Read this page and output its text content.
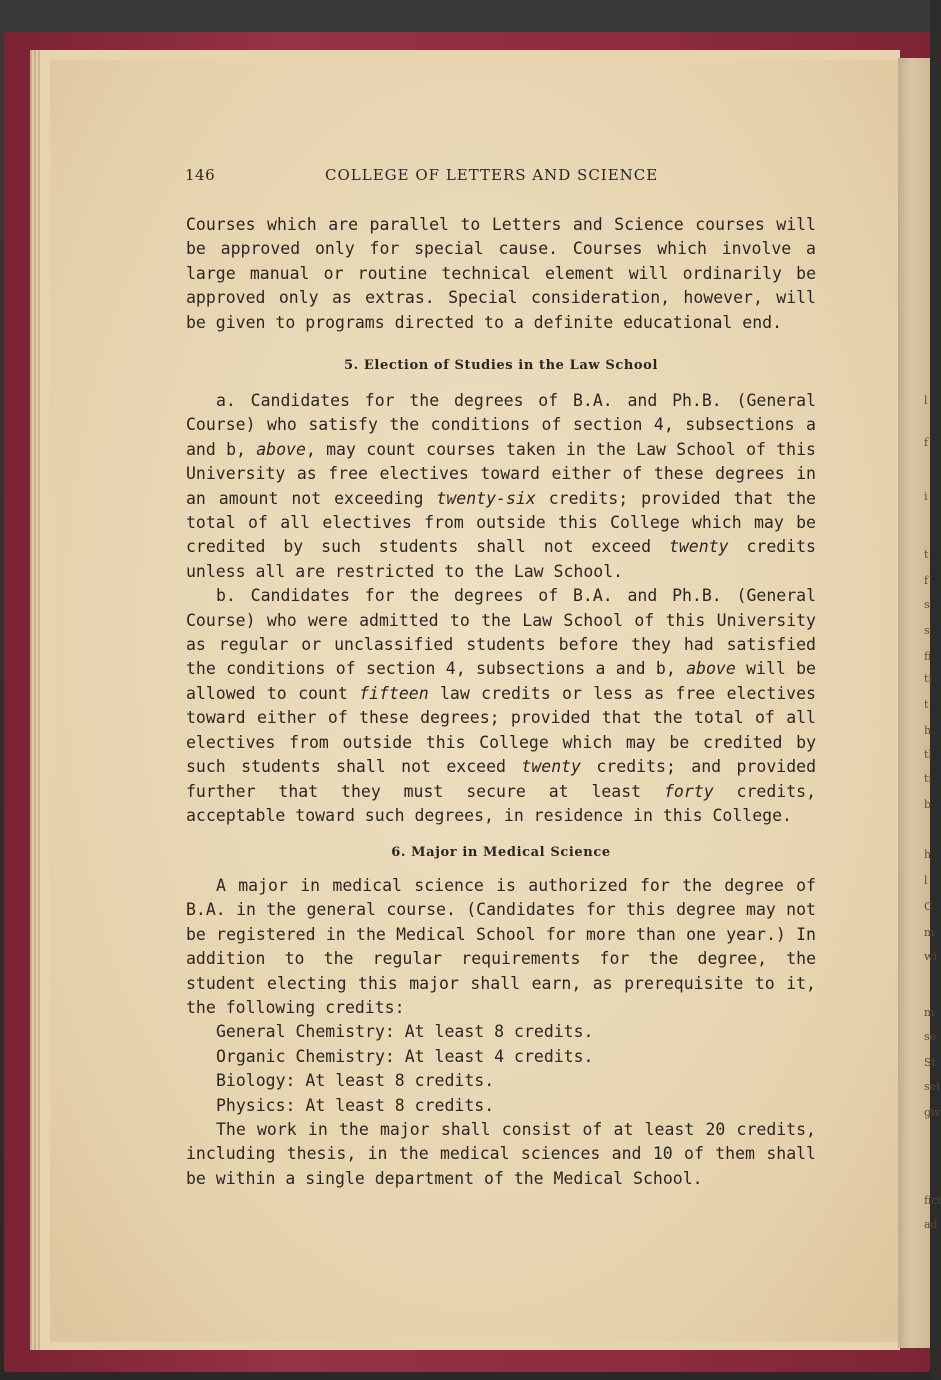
l
f
i
t
f
s
s
fi
ti
t
h
tl
ti
b
h
l
C
m
wi
m
se
St
sei
giv
fici
ad
146	COLLEGE OF LETTERS AND SCIENCE

Courses which are parallel to Letters and Science courses will be approved only for special cause. Courses which involve a large manual or routine technical element will ordinarily be approved only as extras. Special consideration, however, will be given to programs directed to a definite educational end.

5. Election of Studies in the Law School

a. Candidates for the degrees of B.A. and Ph.B. (General Course) who satisfy the conditions of section 4, subsections a and b, above, may count courses taken in the Law School of this University as free electives toward either of these degrees in an amount not exceeding twenty-six credits; provided that the total of all electives from outside this College which may be credited by such students shall not exceed twenty credits unless all are restricted to the Law School.

b. Candidates for the degrees of B.A. and Ph.B. (General Course) who were admitted to the Law School of this University as regular or unclassified students before they had satisfied the conditions of section 4, subsections a and b, above will be allowed to count fifteen law credits or less as free electives toward either of these degrees; provided that the total of all electives from outside this College which may be credited by such students shall not exceed twenty credits; and provided further that they must secure at least forty credits, acceptable toward such degrees, in residence in this College.

6. Major in Medical Science

A major in medical science is authorized for the degree of B.A. in the general course. (Candidates for this degree may not be registered in the Medical School for more than one year.) In addition to the regular requirements for the degree, the student electing this major shall earn, as prerequisite to it, the following credits:

General Chemistry: At least 8 credits.

Organic Chemistry: At least 4 credits.

Biology: At least 8 credits.

Physics: At least 8 credits.

The work in the major shall consist of at least 20 credits, including thesis, in the medical sciences and 10 of them shall be within a single department of the Medical School.
